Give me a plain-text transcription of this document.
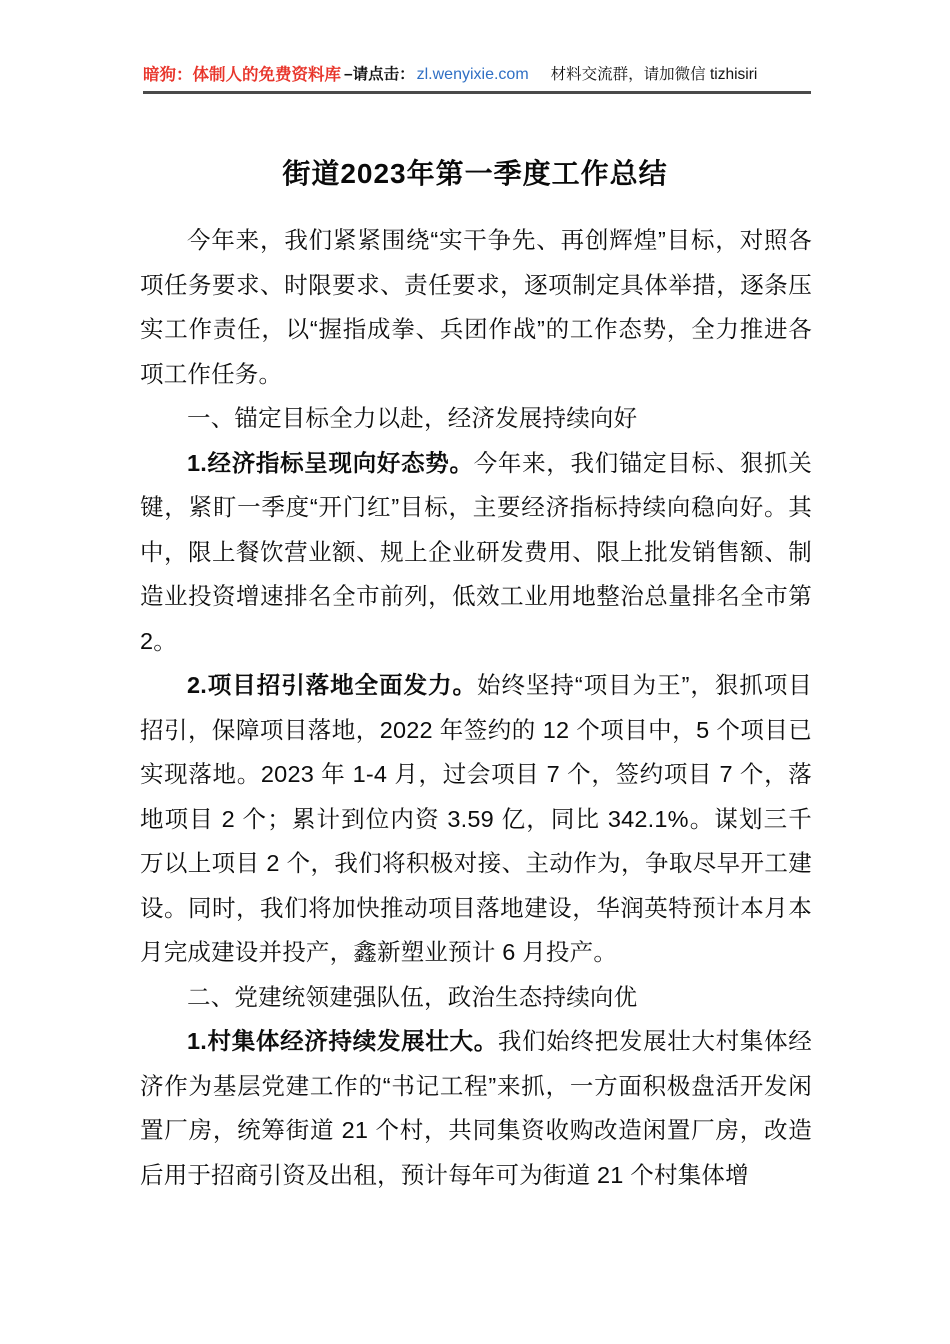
暗狗：体制人的免费资料库 –请点击： zl.wenyixie.com 材料交流群，请加微信 tizhisiri
街道2023年第一季度工作总结

今年来，我们紧紧围绕“实干争先、再创辉煌”目标，对照各项任务要求、时限要求、责任要求，逐项制定具体举措，逐条压实工作责任，以“握指成拳、兵团作战”的工作态势，全力推进各项工作任务。

一、锚定目标全力以赴，经济发展持续向好

1.经济指标呈现向好态势。今年来，我们锚定目标、狠抓关键，紧盯一季度“开门红”目标，主要经济指标持续向稳向好。其中，限上餐饮营业额、规上企业研发费用、限上批发销售额、制造业投资增速排名全市前列，低效工业用地整治总量排名全市第 2。

2.项目招引落地全面发力。始终坚持“项目为王”，狠抓项目招引，保障项目落地，2022 年签约的 12 个项目中，5 个项目已实现落地。2023 年 1-4 月，过会项目 7 个，签约项目 7 个，落地项目 2 个；累计到位内资 3.59 亿，同比 342.1%。谋划三千万以上项目 2 个，我们将积极对接、主动作为，争取尽早开工建设。同时，我们将加快推动项目落地建设，华润英特预计本月本月完成建设并投产，鑫新塑业预计 6 月投产。

二、党建统领建强队伍，政治生态持续向优

1.村集体经济持续发展壮大。我们始终把发展壮大村集体经济作为基层党建工作的“书记工程”来抓，一方面积极盘活开发闲置厂房，统筹街道 21 个村，共同集资收购改造闲置厂房，改造后用于招商引资及出租，预计每年可为街道 21 个村集体增
